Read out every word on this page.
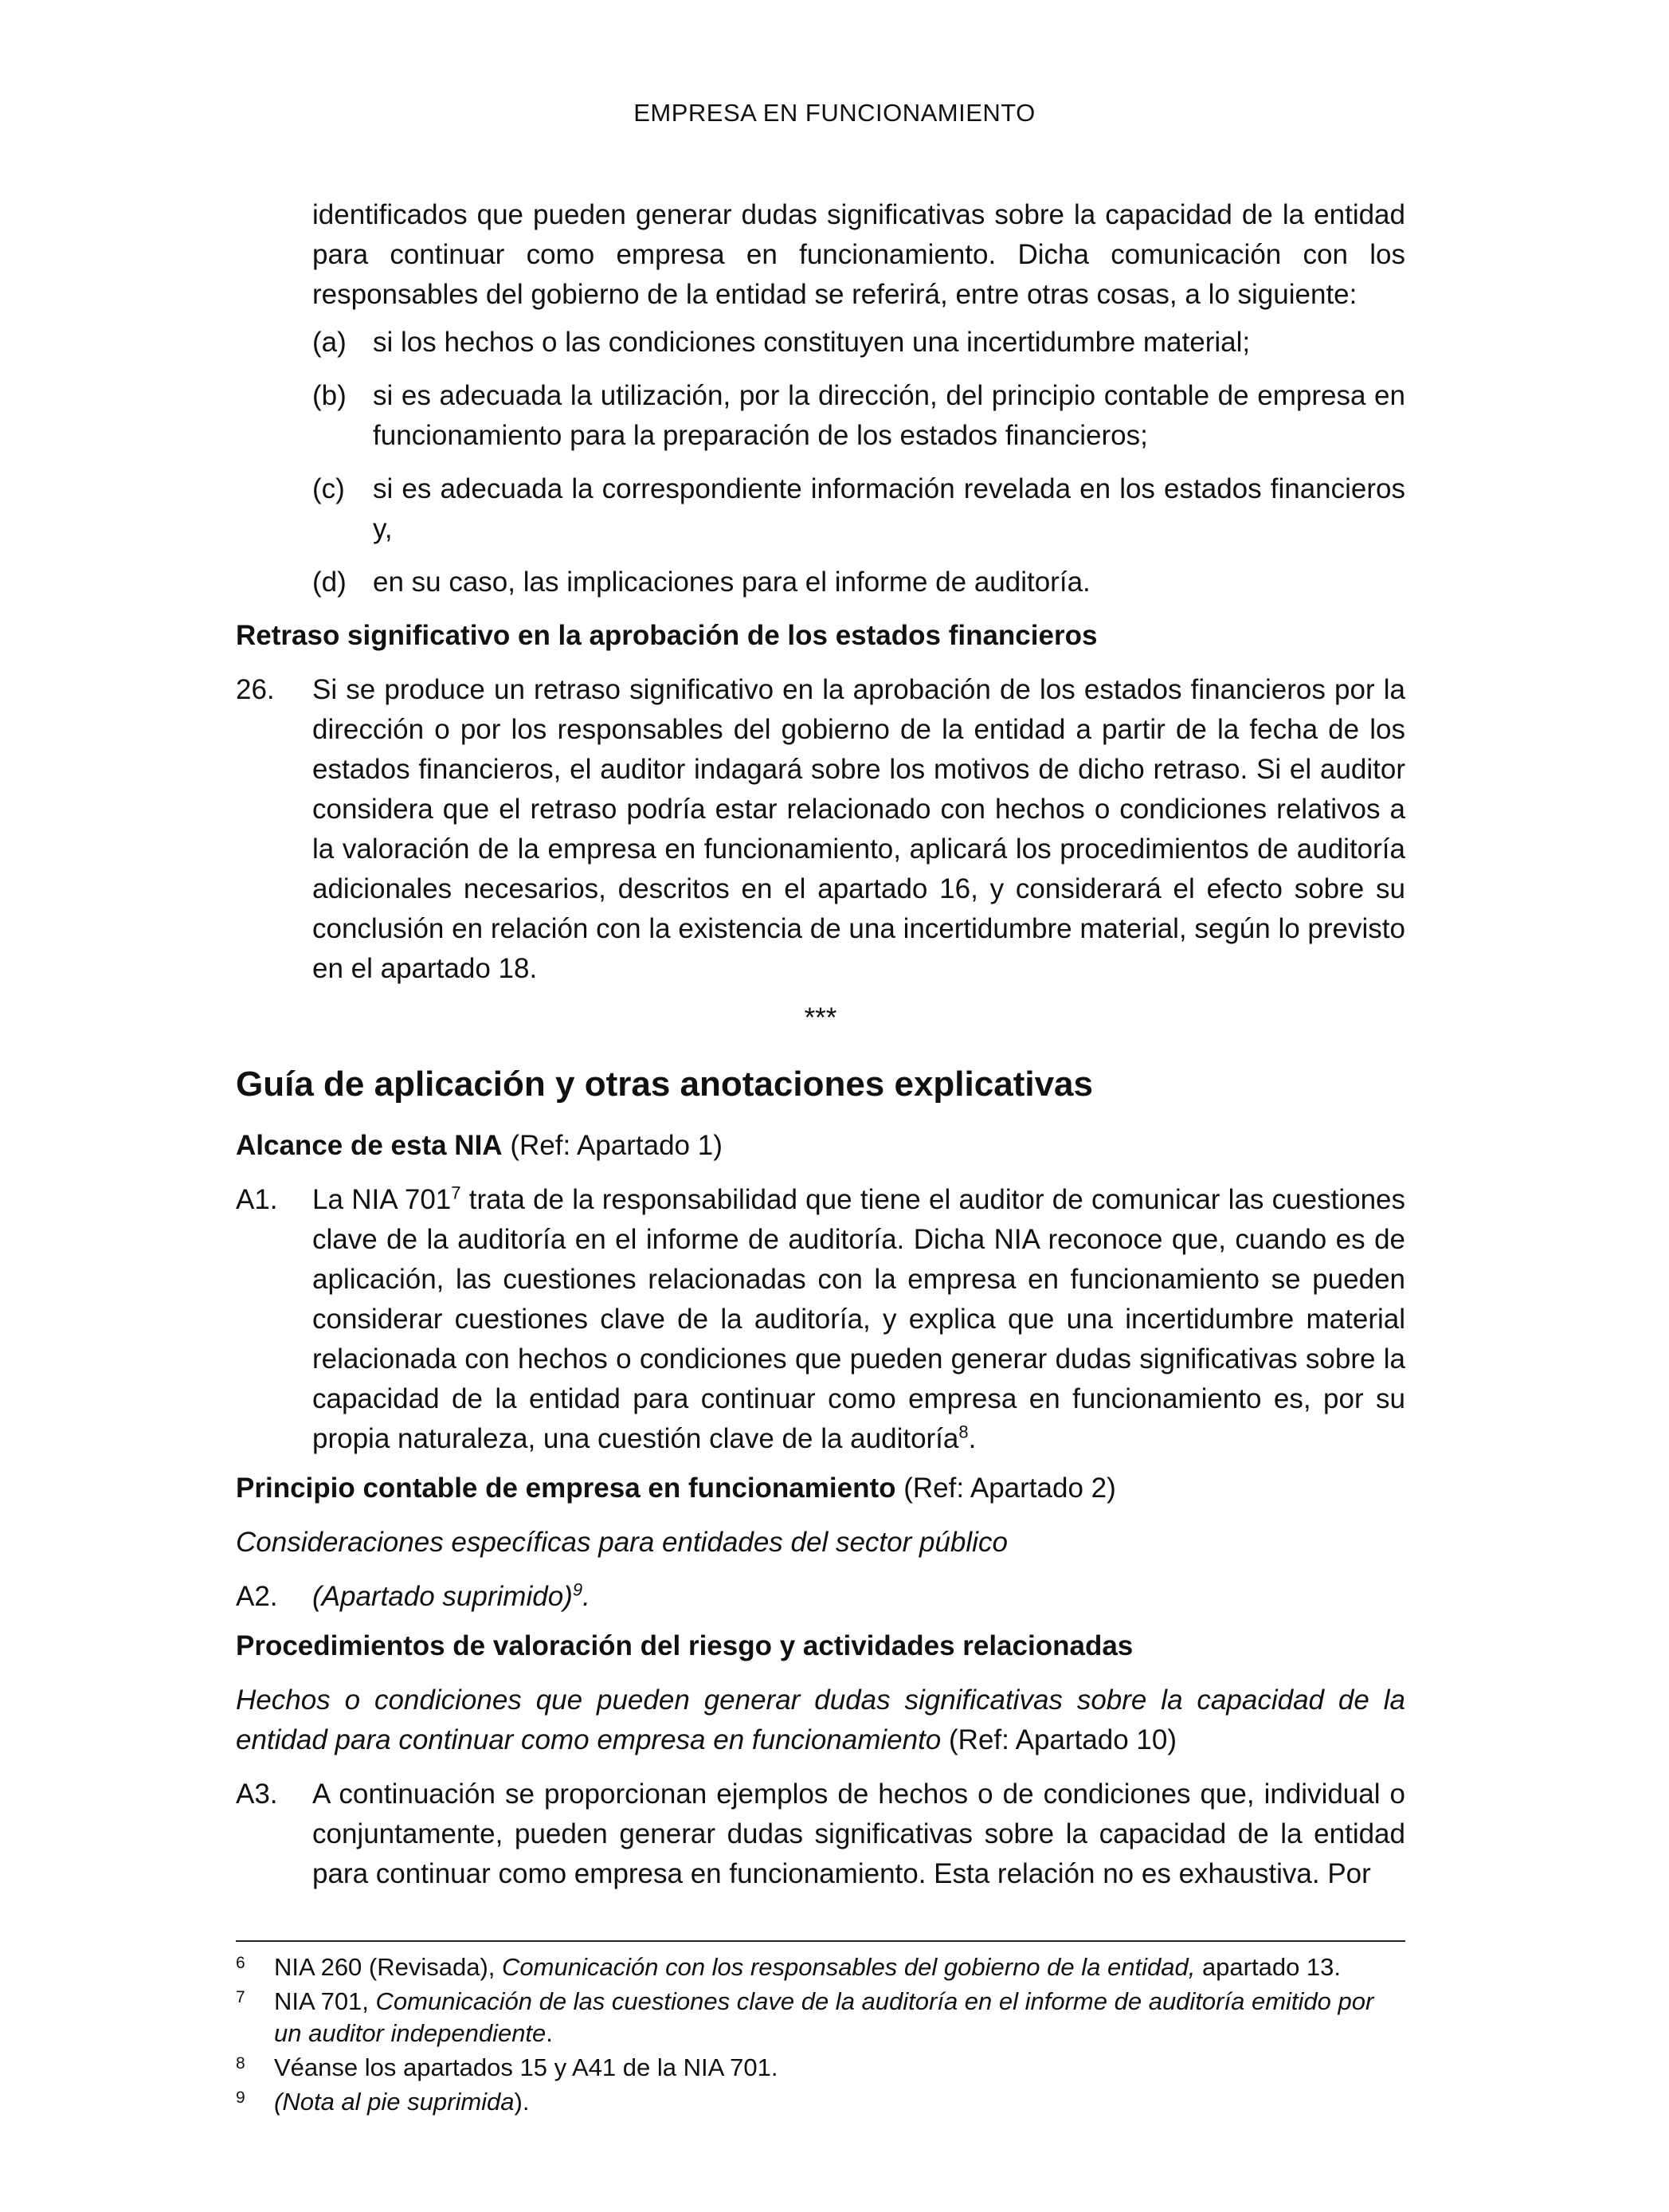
EMPRESA EN FUNCIONAMIENTO

identificados que pueden generar dudas significativas sobre la capacidad de la entidad para continuar como empresa en funcionamiento. Dicha comunicación con los responsables del gobierno de la entidad se referirá, entre otras cosas, a lo siguiente:

(a) si los hechos o las condiciones constituyen una incertidumbre material;
(b) si es adecuada la utilización, por la dirección, del principio contable de empresa en funcionamiento para la preparación de los estados financieros;
(c)	si es adecuada la correspondiente información revelada en los estados financieros y,
(d) en su caso, las implicaciones para el informe de auditoría.

Retraso significativo en la aprobación de los estados financieros

26.	Si se produce un retraso significativo en la aprobación de los estados financieros por la dirección o por los responsables del gobierno de la entidad a partir de la fecha de los estados financieros, el auditor indagará sobre los motivos de dicho retraso. Si el auditor considera que el retraso podría estar relacionado con hechos o condiciones relativos a la valoración de la empresa en funcionamiento, aplicará los procedimientos de auditoría adicionales necesarios, descritos en el apartado 16, y considerará el efecto sobre su conclusión en relación con la existencia de una incertidumbre material, según lo previsto en el apartado 18.

***

Guía de aplicación y otras anotaciones explicativas

Alcance de esta NIA (Ref: Apartado 1)

A1.	La NIA $701^7$ trata de la responsabilidad que tiene el auditor de comunicar las cuestiones clave de la auditoría en el informe de auditoría. Dicha NIA reconoce que, cuando es de aplicación, las cuestiones relacionadas con la empresa en funcionamiento se pueden considerar cuestiones clave de la auditoría, y explica que una incertidumbre material relacionada con hechos o condiciones que pueden generar dudas significativas sobre la capacidad de la entidad para continuar como empresa en funcionamiento es, por su propia naturaleza, una cuestión clave de la auditoría$^8$.

Principio contable de empresa en funcionamiento (Ref: Apartado 2)

Consideraciones específicas para entidades del sector público

A2.	(Apartado suprimido)$^9$.

Procedimientos de valoración del riesgo y actividades relacionadas

Hechos o condiciones que pueden generar dudas significativas sobre la capacidad de la entidad para continuar como empresa en funcionamiento (Ref: Apartado 10)

A3.	A continuación se proporcionan ejemplos de hechos o de condiciones que, individual o conjuntamente, pueden generar dudas significativas sobre la capacidad de la entidad para continuar como empresa en funcionamiento. Esta relación no es exhaustiva. Por
6	NIA 260 (Revisada), Comunicación con los responsables del gobierno de la entidad, apartado 13.
7	NIA 701, Comunicación de las cuestiones clave de la auditoría en el informe de auditoría emitido por un auditor independiente.
8	Véanse los apartados 15 y A41 de la NIA 701.
9	(Nota al pie suprimida).
